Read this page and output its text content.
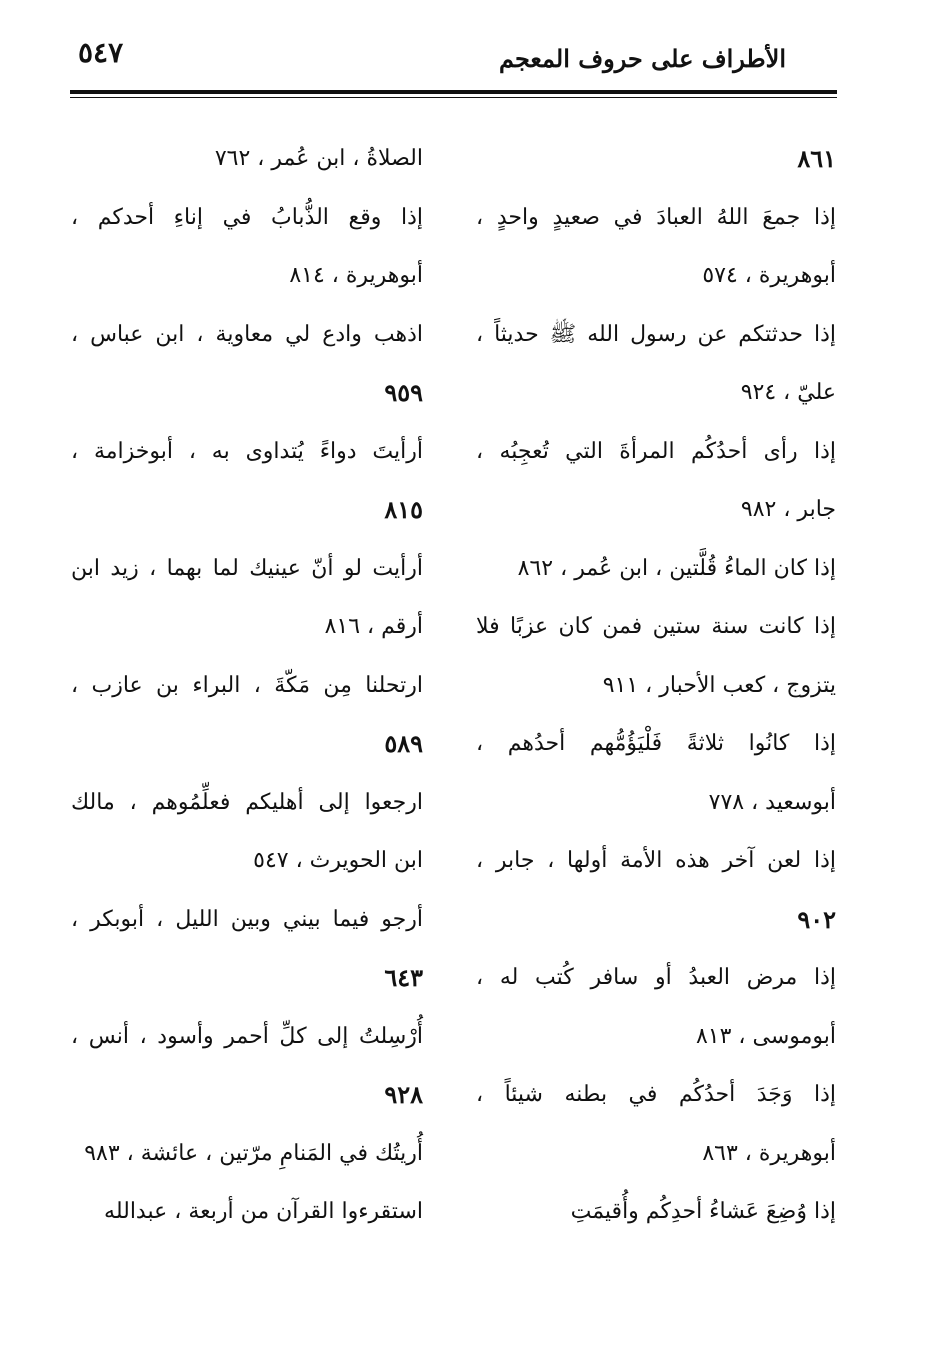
الأطراف على حروف المعجم
٥٤٧
٨٦١
إذا جمعَ اللهُ العبادَ في صعيدٍ واحدٍ ،
أبوهريرة ، ٥٧٤
إذا حدثتكم عن رسول الله ﷺ حديثاً ،
عليّ ، ٩٢٤
إذا رأى أحدُكُم المرأةَ التي تُعجِبُه ،
جابر ، ٩٨٢
إذا كان الماءُ قُلَّتين ، ابن عُمر ، ٨٦٢
إذا كانت سنة ستين فمن كان عزبًا فلا
يتزوج ، كعب الأحبار ، ٩١١
إذا كانُوا ثلاثةً فَلْيَؤُمُّهم أحدُهم ،
أبوسعيد ، ٧٧٨
إذا لعن آخر هذه الأمة أولها ، جابر ،
٩٠٢
إذا مرض العبدُ أو سافر كُتب له ،
أبوموسى ، ٨١٣
إذا وَجَدَ أحدُكُم في بطنه شيئاً ،
أبوهريرة ، ٨٦٣
إذا وُضِعَ عَشاءُ أحدِكُم وأُقيمَتِ
الصلاةُ ، ابن عُمر ، ٧٦٢
إذا وقع الذُّبابُ في إناءِ أحدكم ،
أبوهريرة ، ٨١٤
اذهب وادع لي معاوية ، ابن عباس ،
٩٥٩
أرأيتَ دواءً يُتداوى به ، أبوخزامة ،
٨١٥
أرأيت لو أنّ عينيك لما بهما ، زيد ابن
أرقم ، ٨١٦
ارتحلنا مِن مَكّةَ ، البراء بن عازب ،
٥٨٩
ارجعوا إلى أهليكم فعلِّمُوهم ، مالك
ابن الحويرث ، ٥٤٧
أرجو فيما بيني وبين الليل ، أبوبكر ،
٦٤٣
أُرْسِلتُ إلى كلِّ أحمر وأسود ، أنس ،
٩٢٨
أُريتُك في المَنامِ مرّتين ، عائشة ، ٩٨٣
استقرءوا القرآن من أربعة ، عبدالله
